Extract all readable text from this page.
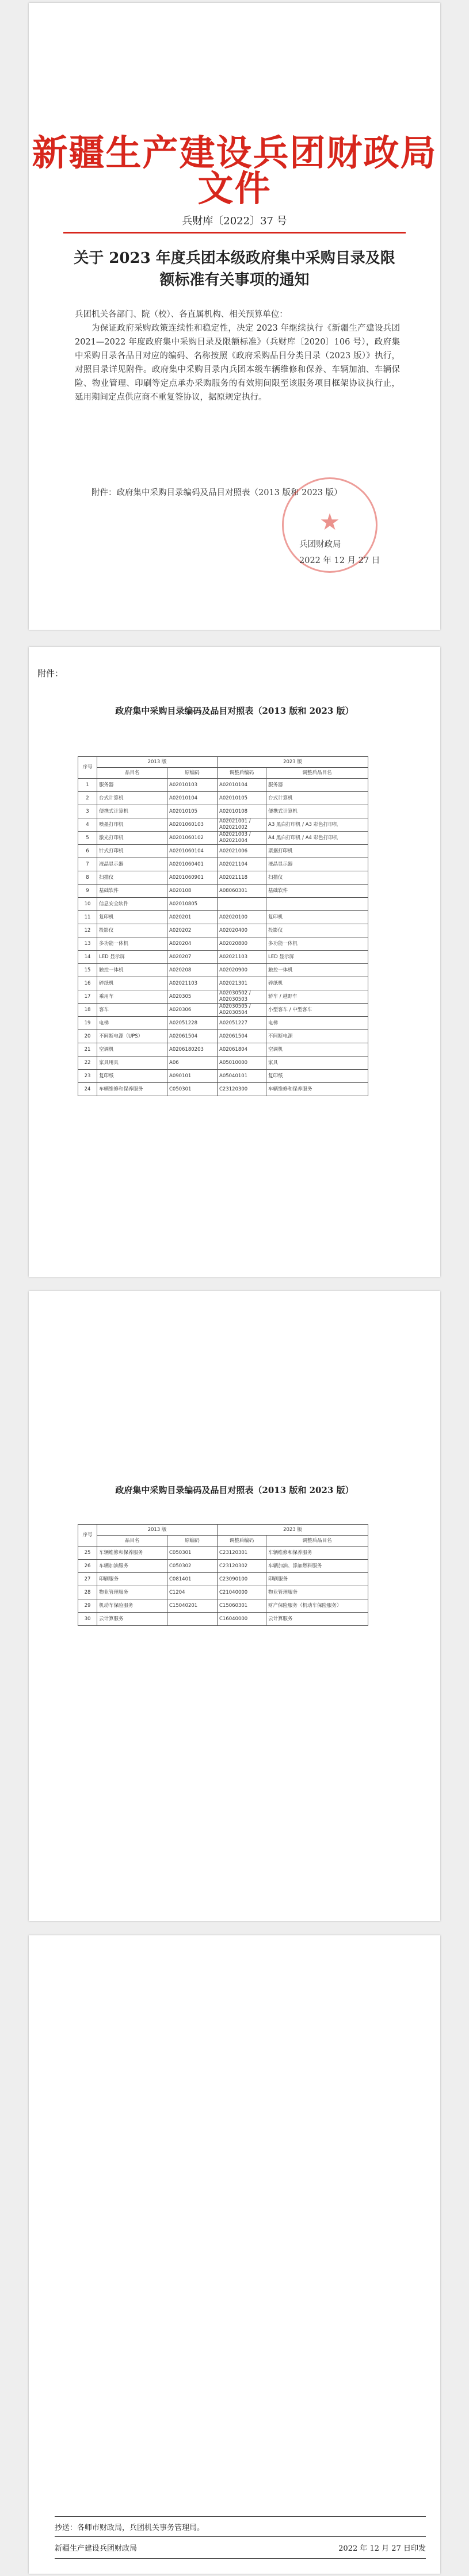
新疆生产建设兵团财政局文件
兵财库〔2022〕37 号
关于 2023 年度兵团本级政府集中采购目录及限额标准有关事项的通知

兵团机关各部门、院（校）、各直属机构、相关预算单位：

为保证政府采购政策连续性和稳定性，决定 2023 年继续执行《新疆生产建设兵团 2021—2022 年度政府集中采购目录及限额标准》（兵财库〔2020〕106 号），政府集中采购目录各品目对应的编码、名称按照《政府采购品目分类目录（2023 版）》执行，对照目录详见附件。政府集中采购目录内兵团本级车辆维修和保养、车辆加油、车辆保险、物业管理、印刷等定点承办采购服务的有效期间限至该服务项目框架协议执行止，延用期间定点供应商不重复签协议，据原规定执行。

附件：政府集中采购目录编码及品目对照表（2013 版和 2023 版）
★
兵团财政局
2022 年 12 月 27 日
附件：
政府集中采购目录编码及品目对照表（2013 版和 2023 版）
序号	2013 版		2023 版	
	品目名	原编码	调整后编码	调整后品目名
1	服务器	A02010103	A02010104	服务器
2	台式计算机	A02010104	A02010105	台式计算机
3	便携式计算机	A02010105	A02010108	便携式计算机
4	喷墨打印机	A0201060103	A02021001 / A02021002	A3 黑白打印机 / A3 彩色打印机
5	激光打印机	A0201060102	A02021003 / A02021004	A4 黑白打印机 / A4 彩色打印机
6	针式打印机	A0201060104	A02021006	票据打印机
7	液晶显示器	A0201060401	A02021104	液晶显示器
8	扫描仪	A0201060901	A02021118	扫描仪
9	基础软件	A020108	A08060301	基础软件
10	信息安全软件	A02010805		
11	复印机	A020201	A02020100	复印机
12	投影仪	A020202	A02020400	投影仪
13	多功能一体机	A020204	A02020800	多功能一体机
14	LED 显示屏	A020207	A02021103	LED 显示屏
15	触控一体机	A020208	A02020900	触控一体机
16	碎纸机	A02021103	A02021301	碎纸机
17	乘用车	A020305	A02030502 / A02030503	轿车 / 越野车
18	客车	A020306	A02030505 / A02030504	小型客车 / 中型客车
19	电梯	A02051228	A02051227	电梯
20	不间断电源（UPS）	A02061504	A02061504	不间断电源
21	空调机	A0206180203	A02061804	空调机
22	家具用具	A06	A05010000	家具
23	复印纸	A090101	A05040101	复印纸
24	车辆维修和保养服务	C050301	C23120300	车辆维修和保养服务
政府集中采购目录编码及品目对照表（2013 版和 2023 版）
序号	2013 版		2023 版	
	品目名	原编码	调整后编码	调整后品目名
25	车辆维修和保养服务	C050301	C23120301	车辆维修和保养服务
26	车辆加油服务	C050302	C23120302	车辆加油、添加燃料服务
27	印刷服务	C081401	C23090100	印刷服务
28	物业管理服务	C1204	C21040000	物业管理服务
29	机动车保险服务	C15040201	C15060301	财产保险服务（机动车保险服务）
30	云计算服务		C16040000	云计算服务
抄送：各师市财政局，兵团机关事务管理局。
新疆生产建设兵团财政局	2022 年 12 月 27 日印发
